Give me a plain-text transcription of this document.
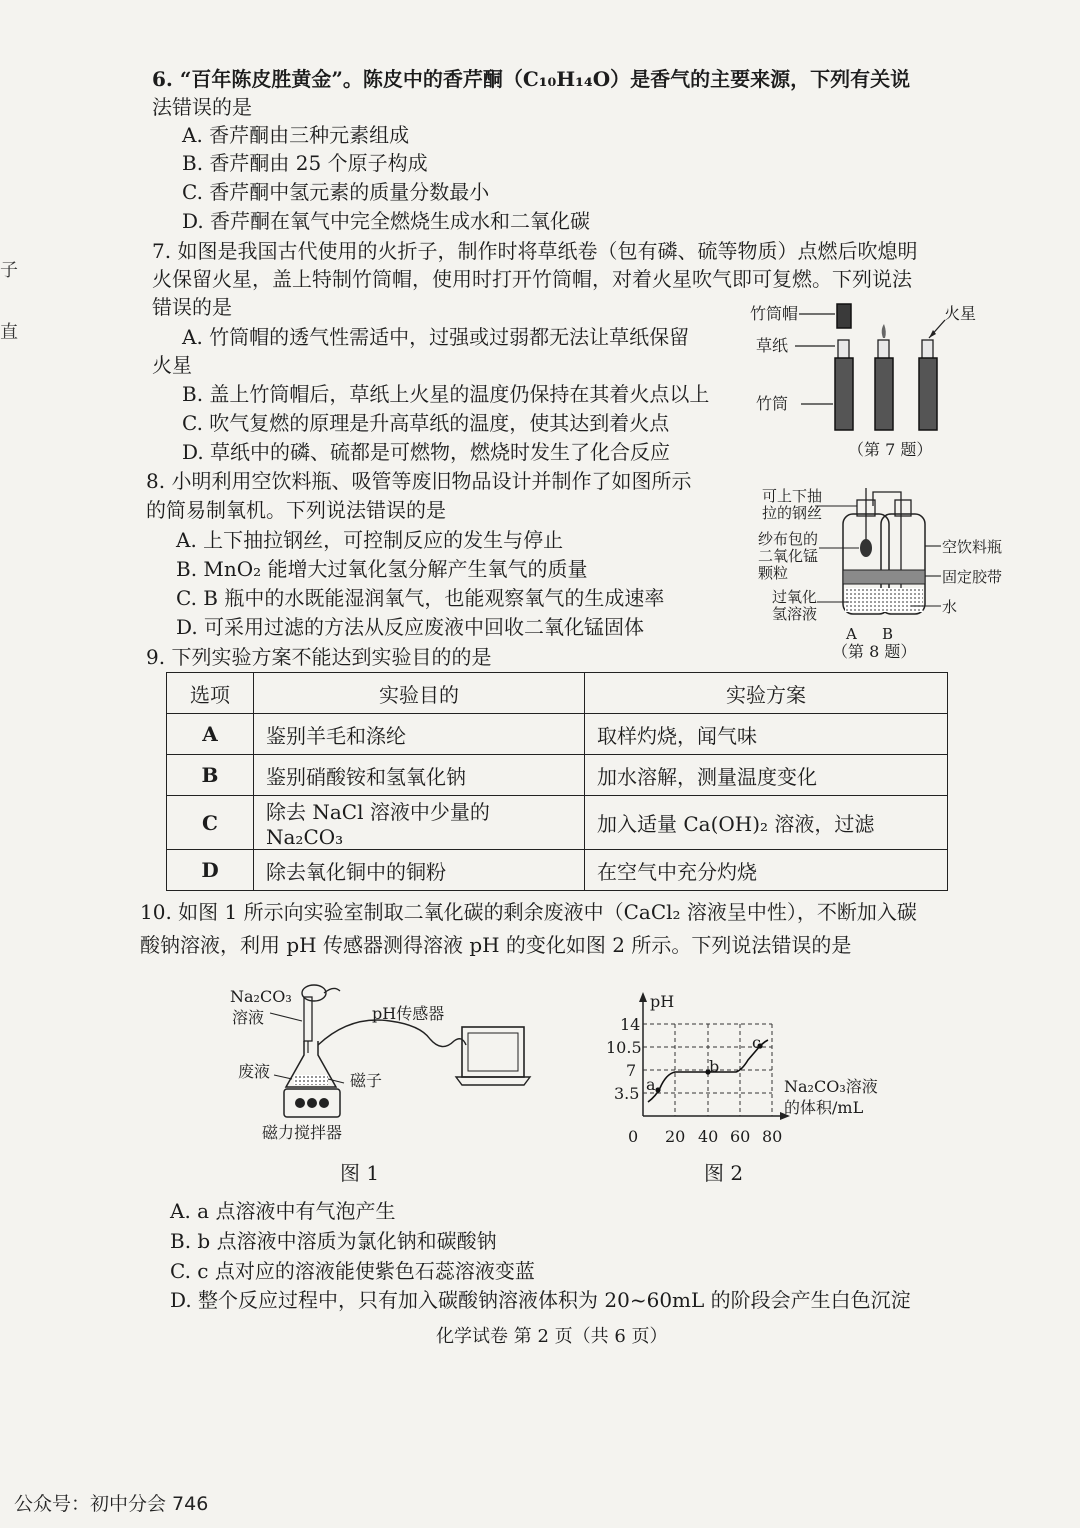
子
直
6. “百年陈皮胜黄金”。陈皮中的香芹酮（C₁₀H₁₄O）是香气的主要来源，下列有关说
法错误的是
A. 香芹酮由三种元素组成
B. 香芹酮由 25 个原子构成
C. 香芹酮中氢元素的质量分数最小
D. 香芹酮在氧气中完全燃烧生成水和二氧化碳
7. 如图是我国古代使用的火折子，制作时将草纸卷（包有磷、硫等物质）点燃后吹熄明
火保留火星，盖上特制竹筒帽，使用时打开竹筒帽，对着火星吹气即可复燃。下列说法
错误的是
A. 竹筒帽的透气性需适中，过强或过弱都无法让草纸保留
火星
B. 盖上竹筒帽后，草纸上火星的温度仍保持在其着火点以上
C. 吹气复燃的原理是升高草纸的温度，使其达到着火点
D. 草纸中的磷、硫都是可燃物，燃烧时发生了化合反应
竹筒帽
草纸
竹筒
火星
（第 7 题）
8. 小明利用空饮料瓶、吸管等废旧物品设计并制作了如图所示
的简易制氧机。下列说法错误的是
A. 上下抽拉钢丝，可控制反应的发生与停止
B. MnO₂ 能增大过氧化氢分解产生氧气的质量
C. B 瓶中的水既能湿润氧气，也能观察氧气的生成速率
D. 可采用过滤的方法从反应废液中回收二氧化锰固体
可上下抽
拉的钢丝
纱布包的
二氧化锰
颗粒
过氧化
氢溶液
空饮料瓶
固定胶带
水
A B
（第 8 题）
9. 下列实验方案不能达到实验目的的是
选项	实验目的	实验方案
A	鉴别羊毛和涤纶	取样灼烧，闻气味
B	鉴别硝酸铵和氢氧化钠	加水溶解，测量温度变化
C	除去 NaCl 溶液中少量的 Na₂CO₃	加入适量 Ca(OH)₂ 溶液，过滤
D	除去氧化铜中的铜粉	在空气中充分灼烧
10. 如图 1 所示向实验室制取二氧化碳的剩余废液中（CaCl₂ 溶液呈中性），不断加入碳
酸钠溶液，利用 pH 传感器测得溶液 pH 的变化如图 2 所示。下列说法错误的是
Na₂CO₃
溶液	pH传感器
废液	磁子
磁力搅拌器
图 1
pH
14
10.5
7
3.5
0 20 40 60 80
a
b
c
Na₂CO₃溶液
的体积/mL
图 2
A. a 点溶液中有气泡产生
B. b 点溶液中溶质为氯化钠和碳酸钠
C. c 点对应的溶液能使紫色石蕊溶液变蓝
D. 整个反应过程中，只有加入碳酸钠溶液体积为 20~60mL 的阶段会产生白色沉淀
化学试卷 第 2 页（共 6 页）
公众号：初中分会 746
